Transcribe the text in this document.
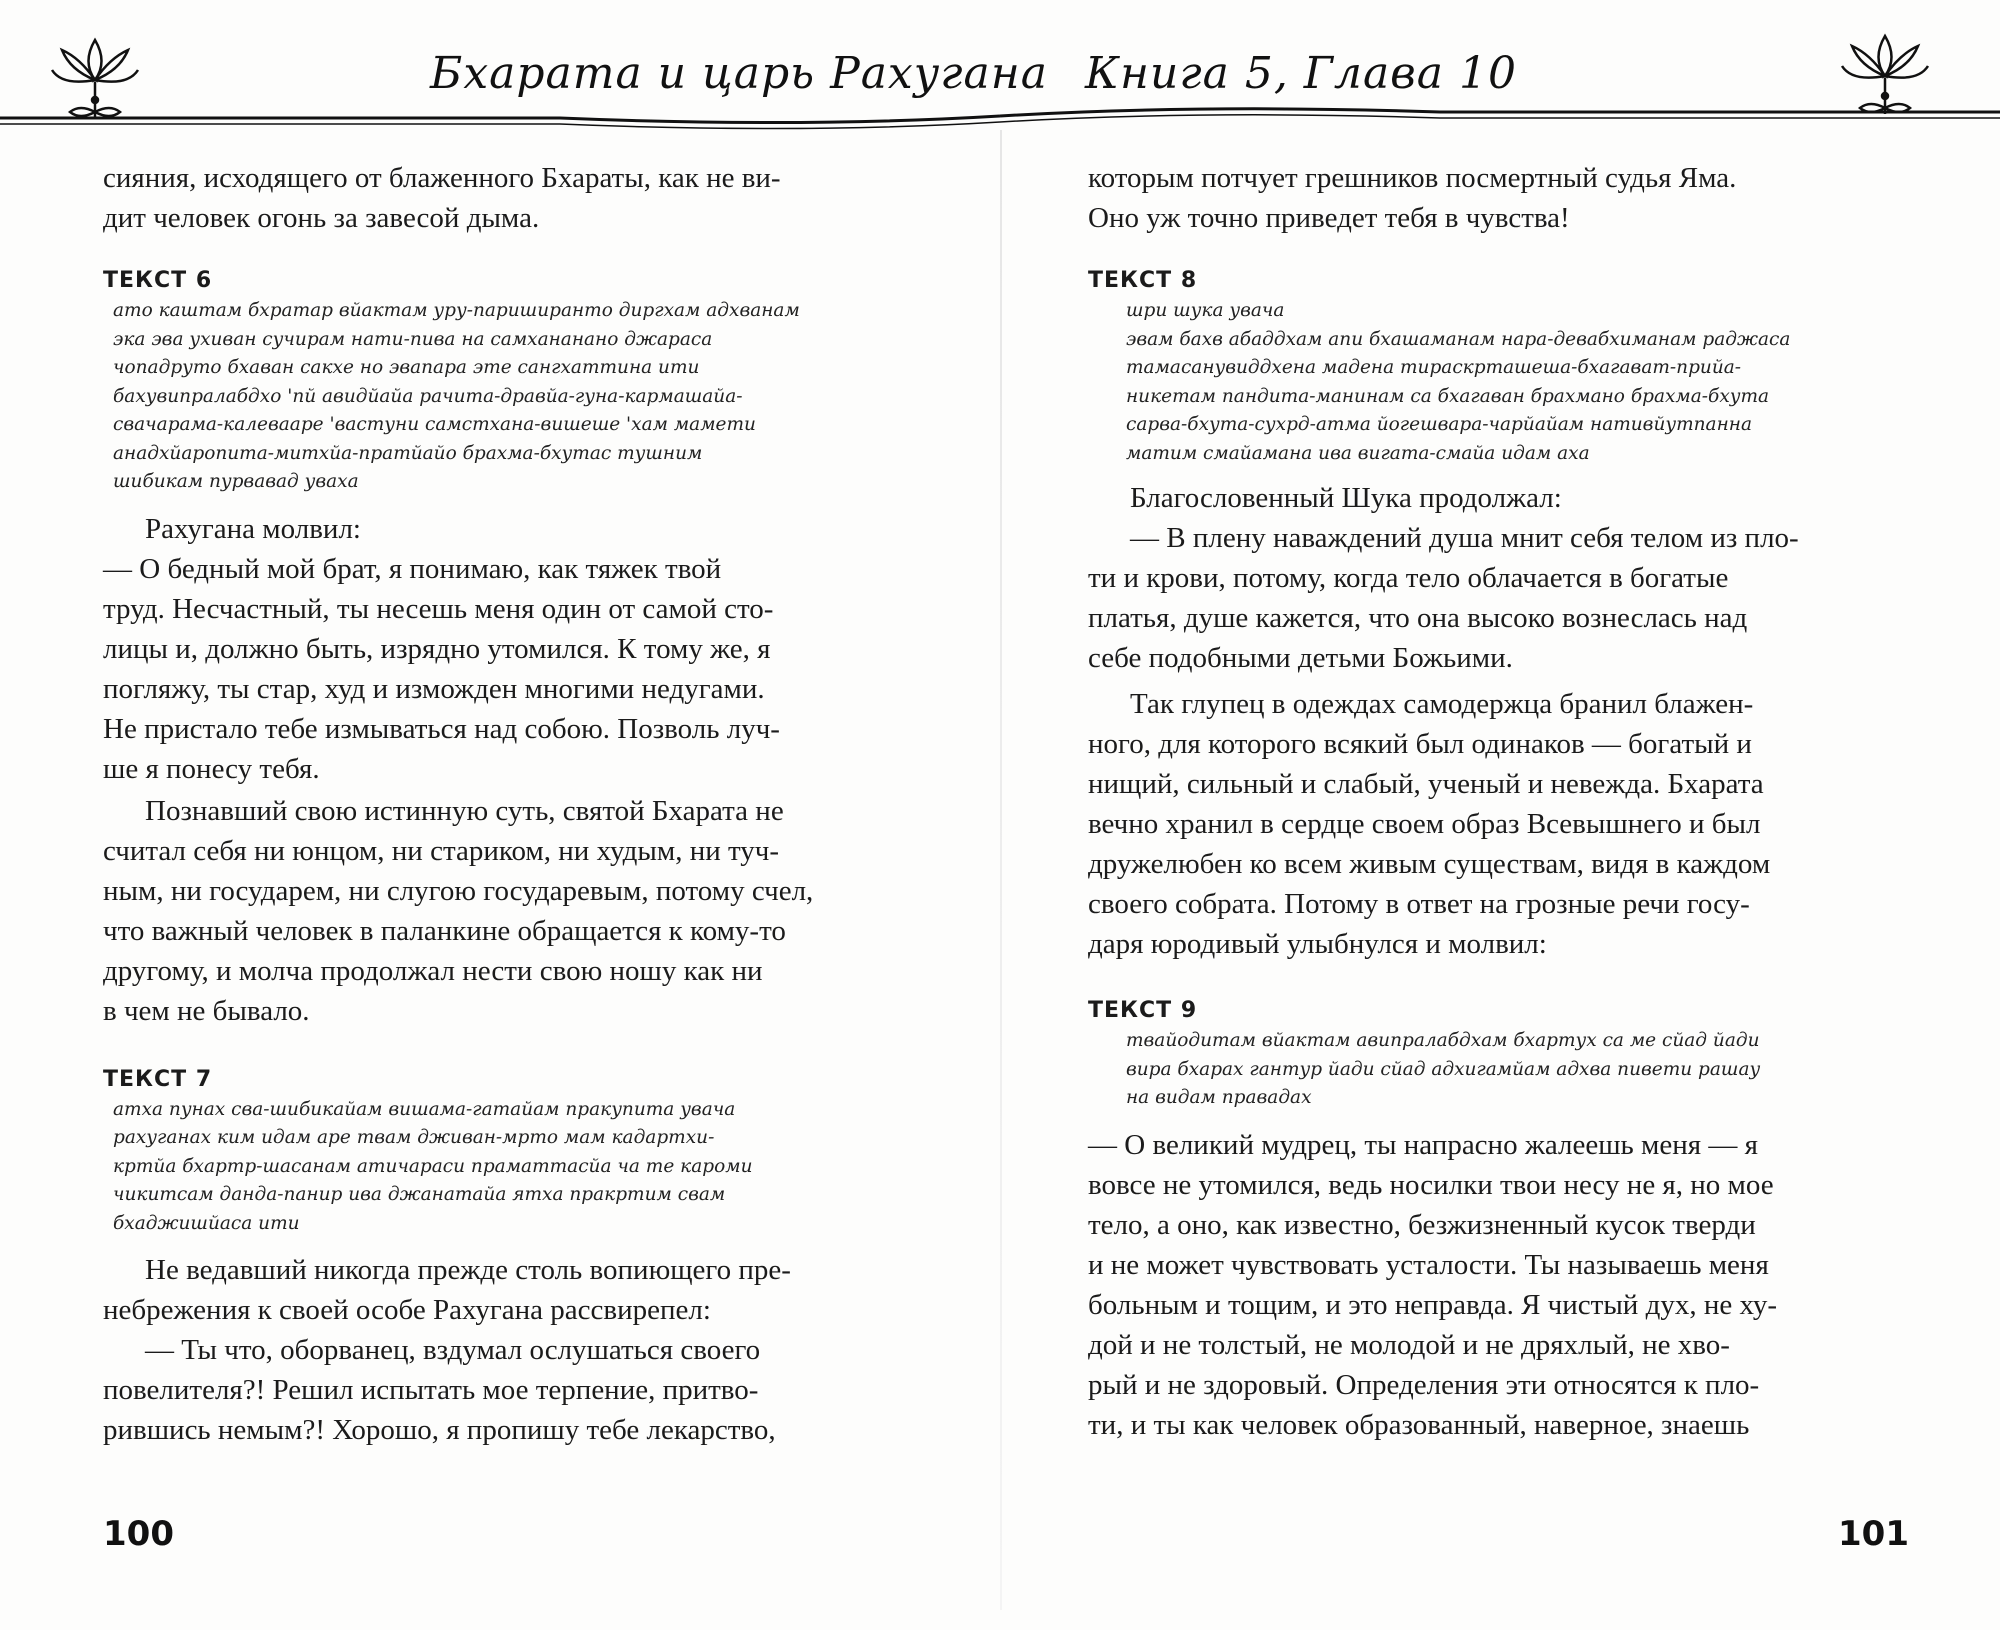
Бхарата и царь Рахугана Книга 5, Глава 10
сияния, исходящего от блаженного Бхараты, как не ви-
дит человек огонь за завесой дыма.
ТЕКСТ 6
ато каштам бхратар вйактам уру-париширанто диргхам адхванам
эка эва ухиван сучирам нати-пива на самхананано джараса
чопадруто бхаван сакхе но эвапара эте сангхаттина ити
бахувипралабдхо 'пй авидйайа рачита-дравйа-гуна-кармашайа-
свачарама-калевааре 'вастуни самстхана-вишеше 'хам мамети
анадхйаропита-митхйа-пратйайо брахма-бхутас тушним
шибикам пурвавад уваха
Рахугана молвил:
— О бедный мой брат, я понимаю, как тяжек твой
труд. Несчастный, ты несешь меня один от самой сто-
лицы и, должно быть, изрядно утомился. К тому же, я
погляжу, ты стар, худ и изможден многими недугами.
Не пристало тебе измываться над собою. Позволь луч-
ше я понесу тебя.
Познавший свою истинную суть, святой Бхарата не
считал себя ни юнцом, ни стариком, ни худым, ни туч-
ным, ни государем, ни слугою государевым, потому счел,
что важный человек в паланкине обращается к кому-то
другому, и молча продолжал нести свою ношу как ни
в чем не бывало.
ТЕКСТ 7
атха пунах сва-шибикайам вишама-гатайам пракупита увача
рахуганах ким идам аре твам дживан-мрто мам кадартхи-
кртйа бхартр-шасанам атичараси праматтасйа ча те кароми
чикитсам данда-панир ива джанатайа ятха пракртим свам
бхаджишйаса ити
Не ведавший никогда прежде столь вопиющего пре-
небрежения к своей особе Рахугана рассвирепел:
— Ты что, оборванец, вздумал ослушаться своего
повелителя?! Решил испытать мое терпение, притво-
рившись немым?! Хорошо, я пропишу тебе лекарство,
которым потчует грешников посмертный судья Яма.
Оно уж точно приведет тебя в чувства!
ТЕКСТ 8
шри шука увача
эвам бахв абаддхам апи бхашаманам нара-девабхиманам раджаса
тамасанувиддхена мадена тираскрташеша-бхагават-прийа-
никетам пандита-манинам са бхагаван брахмано брахма-бхута
сарва-бхута-сухрд-атма йогешвара-чарйайам нативйутпанна
матим смайамана ива вигата-смайа идам аха
Благословенный Шука продолжал:
— В плену наваждений душа мнит себя телом из пло-
ти и крови, потому, когда тело облачается в богатые
платья, душе кажется, что она высоко вознеслась над
себе подобными детьми Божьими.
Так глупец в одеждах самодержца бранил блажен-
ного, для которого всякий был одинаков — богатый и
нищий, сильный и слабый, ученый и невежда. Бхарата
вечно хранил в сердце своем образ Всевышнего и был
дружелюбен ко всем живым существам, видя в каждом
своего собрата. Потому в ответ на грозные речи госу-
даря юродивый улыбнулся и молвил:
ТЕКСТ 9
твайодитам вйактам авипралабдхам бхартух са ме сйад йади
вира бхарах гантур йади сйад адхигамйам адхва пивети рашау
на видам правадах
— О великий мудрец, ты напрасно жалеешь меня — я
вовсе не утомился, ведь носилки твои несу не я, но мое
тело, а оно, как известно, безжизненный кусок тверди
и не может чувствовать усталости. Ты называешь меня
больным и тощим, и это неправда. Я чистый дух, не ху-
дой и не толстый, не молодой и не дряхлый, не хво-
рый и не здоровый. Определения эти относятся к пло-
ти, и ты как человек образованный, наверное, знаешь
100	101
